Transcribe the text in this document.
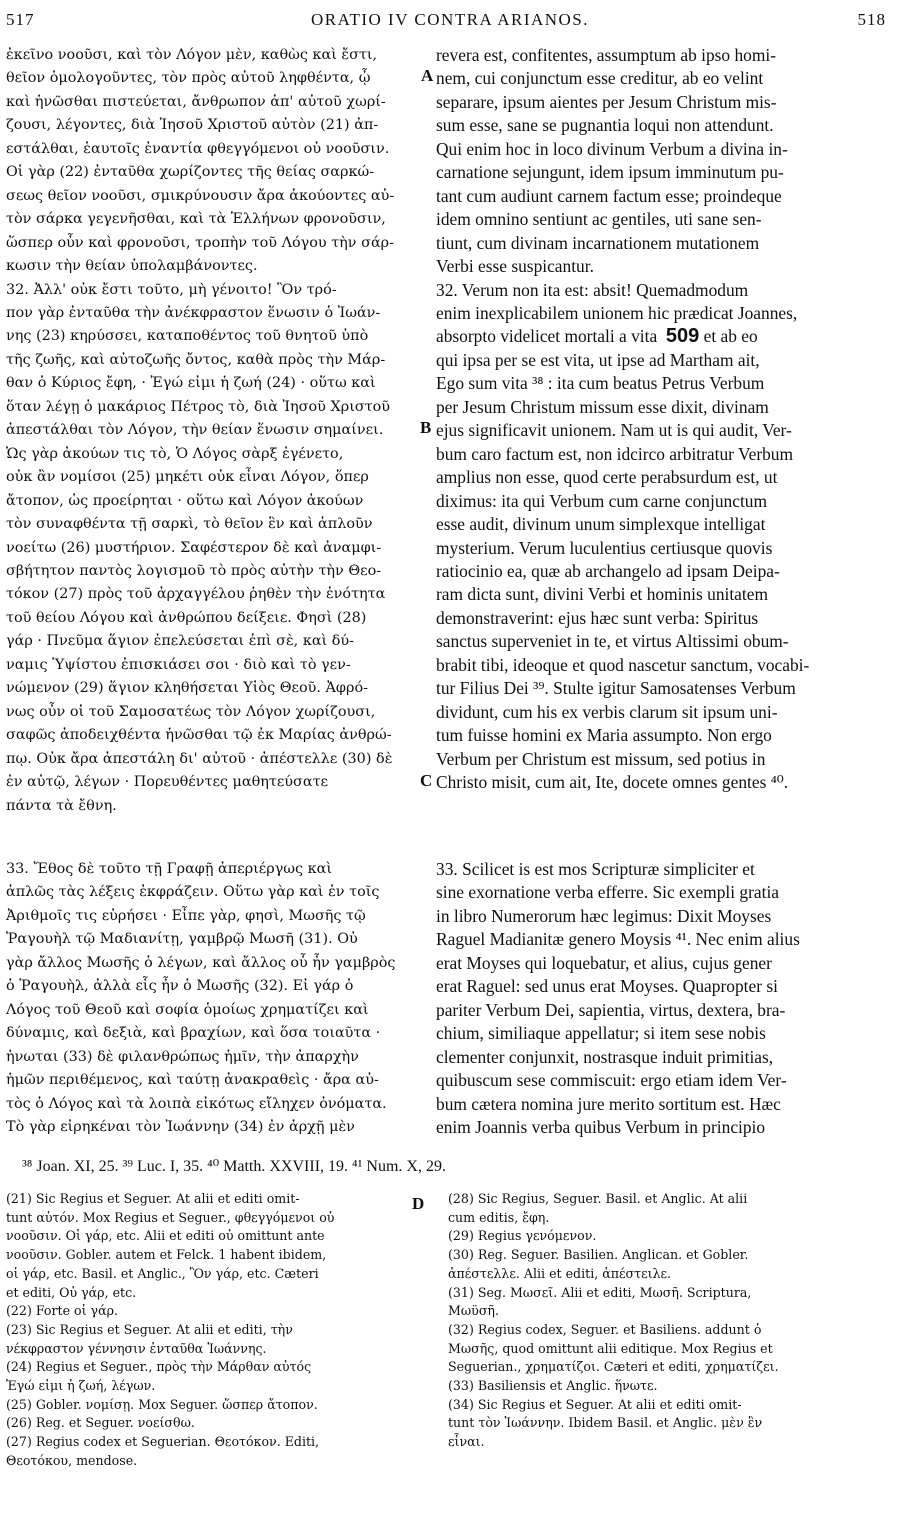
517	ORATIO IV CONTRA ARIANOS.	518
ἐκεῖνο νοοῦσι, καὶ τὸν Λόγον μὲν, καθὼς καὶ ἔστι,
θεῖον ὁμολογοῦντες, τὸν πρὸς αὐτοῦ ληφθέντα, ᾧ
καὶ ἡνῶσθαι πιστεύεται, ἄνθρωπον ἀπ' αὐτοῦ χωρί-
ζουσι, λέγοντες, διὰ Ἰησοῦ Χριστοῦ αὐτὸν (21) ἀπ-
εστάλθαι, ἑαυτοῖς ἐναντία φθεγγόμενοι οὐ νοοῦσιν.
Οἱ γὰρ (22) ἐνταῦθα χωρίζοντες τῆς θείας σαρκώ-
σεως θεῖον νοοῦσι, σμικρύνουσιν ἄρα ἀκούοντες αὐ-
τὸν σάρκα γεγενῆσθαι, καὶ τὰ Ἑλλήνων φρονοῦσιν,
ὥσπερ οὖν καὶ φρονοῦσι, τροπὴν τοῦ Λόγου τὴν σάρ-
κωσιν τὴν θείαν ὑπολαμβάνοντες.
32. Ἀλλ' οὐκ ἔστι τοῦτο, μὴ γένοιτο! Ὃν τρό-
πον γὰρ ἐνταῦθα τὴν ἀνέκφραστον ἕνωσιν ὁ Ἰωάν-
νης (23) κηρύσσει, καταποθέντος τοῦ θνητοῦ ὑπὸ
τῆς ζωῆς, καὶ αὐτοζωῆς ὄντος, καθὰ πρὸς τὴν Μάρ-
θαν ὁ Κύριος ἔφη, · Ἐγώ εἰμι ἡ ζωή (24) · οὕτω καὶ
ὅταν λέγῃ ὁ μακάριος Πέτρος τὸ, διὰ Ἰησοῦ Χριστοῦ
ἀπεστάλθαι τὸν Λόγον, τὴν θείαν ἕνωσιν σημαίνει.
Ὡς γὰρ ἀκούων τις τὸ, Ὁ Λόγος σὰρξ ἐγένετο,
οὐκ ἂν νομίσοι (25) μηκέτι οὐκ εἶναι Λόγον, ὅπερ
ἄτοπον, ὡς προείρηται · οὕτω καὶ Λόγον ἀκούων
τὸν συναφθέντα τῇ σαρκὶ, τὸ θεῖον ἓν καὶ ἁπλοῦν
νοείτω (26) μυστήριον. Σαφέστερον δὲ καὶ ἀναμφι-
σβήτητον παντὸς λογισμοῦ τὸ πρὸς αὐτὴν τὴν Θεο-
τόκον (27) πρὸς τοῦ ἀρχαγγέλου ῥηθὲν τὴν ἑνότητα
τοῦ θείου Λόγου καὶ ἀνθρώπου δείξειε. Φησὶ (28)
γάρ · Πνεῦμα ἅγιον ἐπελεύσεται ἐπὶ σὲ, καὶ δύ-
ναμις Ὑψίστου ἐπισκιάσει σοι · διὸ καὶ τὸ γεν-
νώμενον (29) ἅγιον κληθήσεται Υἱὸς Θεοῦ. Ἀφρό-
νως οὖν οἱ τοῦ Σαμοσατέως τὸν Λόγον χωρίζουσι,
σαφῶς ἀποδειχθέντα ἡνῶσθαι τῷ ἐκ Μαρίας ἀνθρώ-
πῳ. Οὐκ ἄρα ἀπεστάλη δι' αὐτοῦ · ἀπέστελλε (30) δὲ
ἐν αὐτῷ, λέγων · Πορευθέντες μαθητεύσατε
πάντα τὰ ἔθνη.
revera est, confitentes, assumptum ab ipso homi-
nem, cui conjunctum esse creditur, ab eo velint
separare, ipsum aientes per Jesum Christum mis-
sum esse, sane se pugnantia loqui non attendunt.
Qui enim hoc in loco divinum Verbum a divina in-
carnatione sejungunt, idem ipsum imminutum pu-
tant cum audiunt carnem factum esse; proindeque
idem omnino sentiunt ac gentiles, uti sane sen-
tiunt, cum divinam incarnationem mutationem
Verbi esse suspicantur.
32. Verum non ita est: absit! Quemadmodum
enim inexplicabilem unionem hic prædicat Joannes,
absorpto videlicet mortali a vita 509 et ab eo
qui ipsa per se est vita, ut ipse ad Martham ait,
Ego sum vita ³⁸ : ita cum beatus Petrus Verbum
per Jesum Christum missum esse dixit, divinam
ejus significavit unionem. Nam ut is qui audit, Ver-
bum caro factum est, non idcirco arbitratur Verbum
amplius non esse, quod certe perabsurdum est, ut
diximus: ita qui Verbum cum carne conjunctum
esse audit, divinum unum simplexque intelligat
mysterium. Verum luculentius certiusque quovis
ratiocinio ea, quæ ab archangelo ad ipsam Deipa-
ram dicta sunt, divini Verbi et hominis unitatem
demonstraverint: ejus hæc sunt verba: Spiritus
sanctus superveniet in te, et virtus Altissimi obum-
brabit tibi, ideoque et quod nascetur sanctum, vocabi-
tur Filius Dei ³⁹. Stulte igitur Samosatenses Verbum
dividunt, cum his ex verbis clarum sit ipsum uni-
tum fuisse homini ex Maria assumpto. Non ergo
Verbum per Christum est missum, sed potius in
Christo misit, cum ait, Ite, docete omnes gentes ⁴⁰.
33. Ἔθος δὲ τοῦτο τῇ Γραφῇ ἀπεριέργως καὶ
ἁπλῶς τὰς λέξεις ἐκφράζειν. Οὕτω γὰρ καὶ ἐν τοῖς
Ἀριθμοῖς τις εὑρήσει · Εἶπε γὰρ, φησὶ, Μωσῆς τῷ
Ῥαγουὴλ τῷ Μαδιανίτῃ, γαμβρῷ Μωσῆ (31). Οὐ
γὰρ ἄλλος Μωσῆς ὁ λέγων, καὶ ἄλλος οὗ ἦν γαμβρὸς
ὁ Ῥαγουὴλ, ἀλλὰ εἷς ἦν ὁ Μωσῆς (32). Εἰ γάρ ὁ
Λόγος τοῦ Θεοῦ καὶ σοφία ὁμοίως χρηματίζει καὶ
δύναμις, καὶ δεξιὰ, καὶ βραχίων, καὶ ὅσα τοιαῦτα ·
ἡνωται (33) δὲ φιλανθρώπως ἡμῖν, τὴν ἀπαρχὴν
ἡμῶν περιθέμενος, καὶ ταύτῃ ἀνακραθεὶς · ἄρα αὐ-
τὸς ὁ Λόγος καὶ τὰ λοιπὰ εἰκότως εἴληχεν ὀνόματα.
Τὸ γὰρ εἰρηκέναι τὸν Ἰωάννην (34) ἐν ἀρχῇ μὲν
33. Scilicet is est mos Scripturæ simpliciter et
sine exornatione verba efferre. Sic exempli gratia
in libro Numerorum hæc legimus: Dixit Moyses
Raguel Madianitæ genero Moysis ⁴¹. Nec enim alius
erat Moyses qui loquebatur, et alius, cujus gener
erat Raguel: sed unus erat Moyses. Quapropter si
pariter Verbum Dei, sapientia, virtus, dextera, bra-
chium, similiaque appellatur; si item sese nobis
clementer conjunxit, nostrasque induit primitias,
quibuscum sese commiscuit: ergo etiam idem Ver-
bum cætera nomina jure merito sortitum est. Hæc
enim Joannis verba quibus Verbum in principio
A
B
C
D
³⁸ Joan. XI, 25. ³⁹ Luc. I, 35. ⁴⁰ Matth. XXVIII, 19. ⁴¹ Num. X, 29.
(21) Sic Regius et Seguer. At alii et editi omit-
tunt αὐτόν. Mox Regius et Seguer., φθεγγόμενοι οὐ
νοοῦσιν. Οἱ γάρ, etc. Alii et editi οὐ omittunt ante
νοοῦσιν. Gobler. autem et Felck. 1 habent ibidem,
οἱ γάρ, etc. Basil. et Anglic., Ὃν γάρ, etc. Cæteri
et editi, Οὐ γάρ, etc.
(22) Forte οἱ γάρ.
(23) Sic Regius et Seguer. At alii et editi, τὴν
νέκφραστον γέννησιν ἐνταῦθα Ἰωάννης.
(24) Regius et Seguer., πρὸς τὴν Μάρθαν αὐτός
Ἐγώ εἰμι ἡ ζωή, λέγων.
(25) Gobler. νομίσῃ. Mox Seguer. ὥσπερ ἄτοπον.
(26) Reg. et Seguer. νοείσθω.
(27) Regius codex et Seguerian. Θεοτόκον. Editi,
Θεοτόκου, mendose.
(28) Sic Regius, Seguer. Basil. et Anglic. At alii
cum editis, ἔφη.
(29) Regius γενόμενον.
(30) Reg. Seguer. Basilien. Anglican. et Gobler.
ἀπέστελλε. Alii et editi, ἀπέστειλε.
(31) Seg. Μωσεῖ. Alii et editi, Μωσῆ. Scriptura,
Μωϋσῆ.
(32) Regius codex, Seguer. et Basiliens. addunt ὁ
Μωσῆς, quod omittunt alii editique. Mox Regius et
Seguerian., χρηματίζοι. Cæteri et editi, χρηματίζει.
(33) Basiliensis et Anglic. ἥνωτε.
(34) Sic Regius et Seguer. At alii et editi omit-
tunt τὸν Ἰωάννην. Ibidem Basil. et Anglic. μὲν ἓν
εἶναι.
